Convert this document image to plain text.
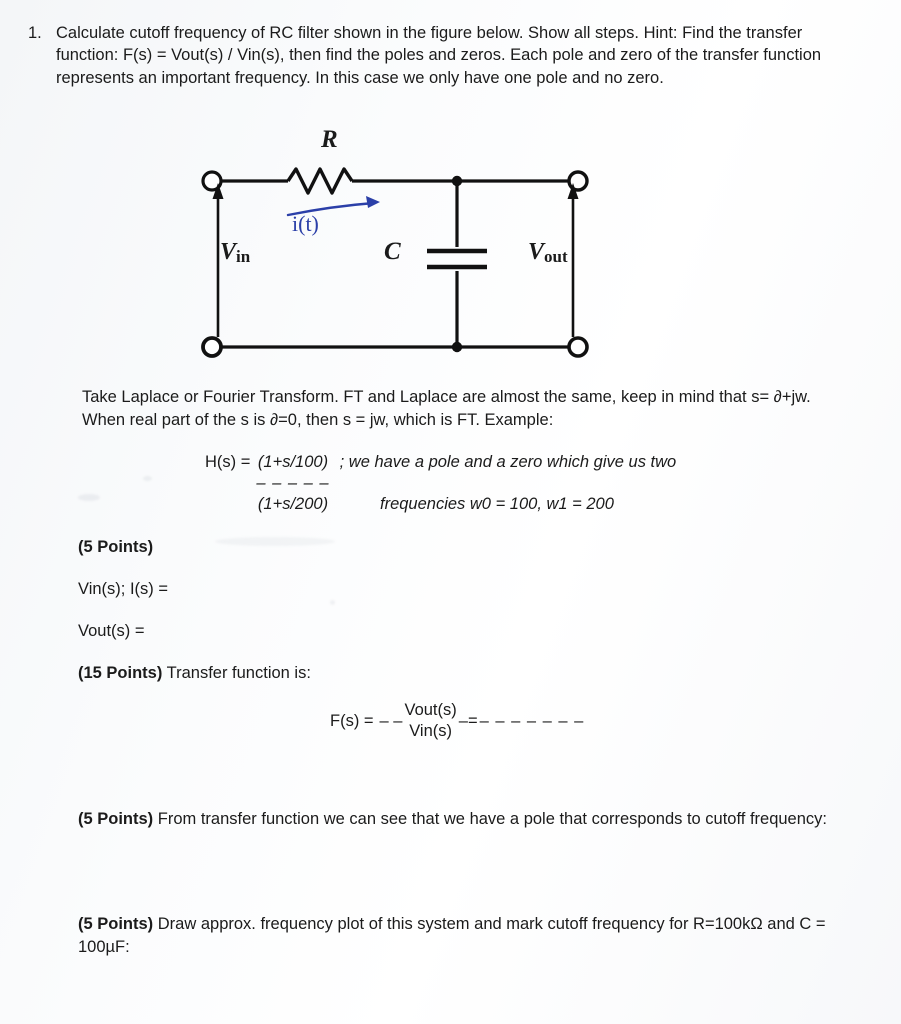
1. Calculate cutoff frequency of RC filter shown in the figure below. Show all steps. Hint: Find the transfer function: F(s) = Vout(s) / Vin(s), then find the poles and zeros. Each pole and zero of the transfer function represents an important frequency. In this case we only have one pole and no zero.
R
C
Vin	Vout
i(t)
Take Laplace or Fourier Transform. FT and Laplace are almost the same, keep in mind that s= ∂+jw. When real part of the s is ∂=0, then s = jw, which is FT. Example:
H(s) = (1+s/100)
– – – – –
(1+s/200)
; we have a pole and a zero which give us two
frequencies w0 = 100, w1 = 200
(5 Points)
Vin(s); I(s) =
Vout(s) =
(15 Points) Transfer function is:
F(s) = – –
Vout(s)
Vin(s)
–= – – – – – – –
(5 Points) From transfer function we can see that we have a pole that corresponds to cutoff frequency:
(5 Points) Draw approx. frequency plot of this system and mark cutoff frequency for R=100kΩ and C = 100µF:
